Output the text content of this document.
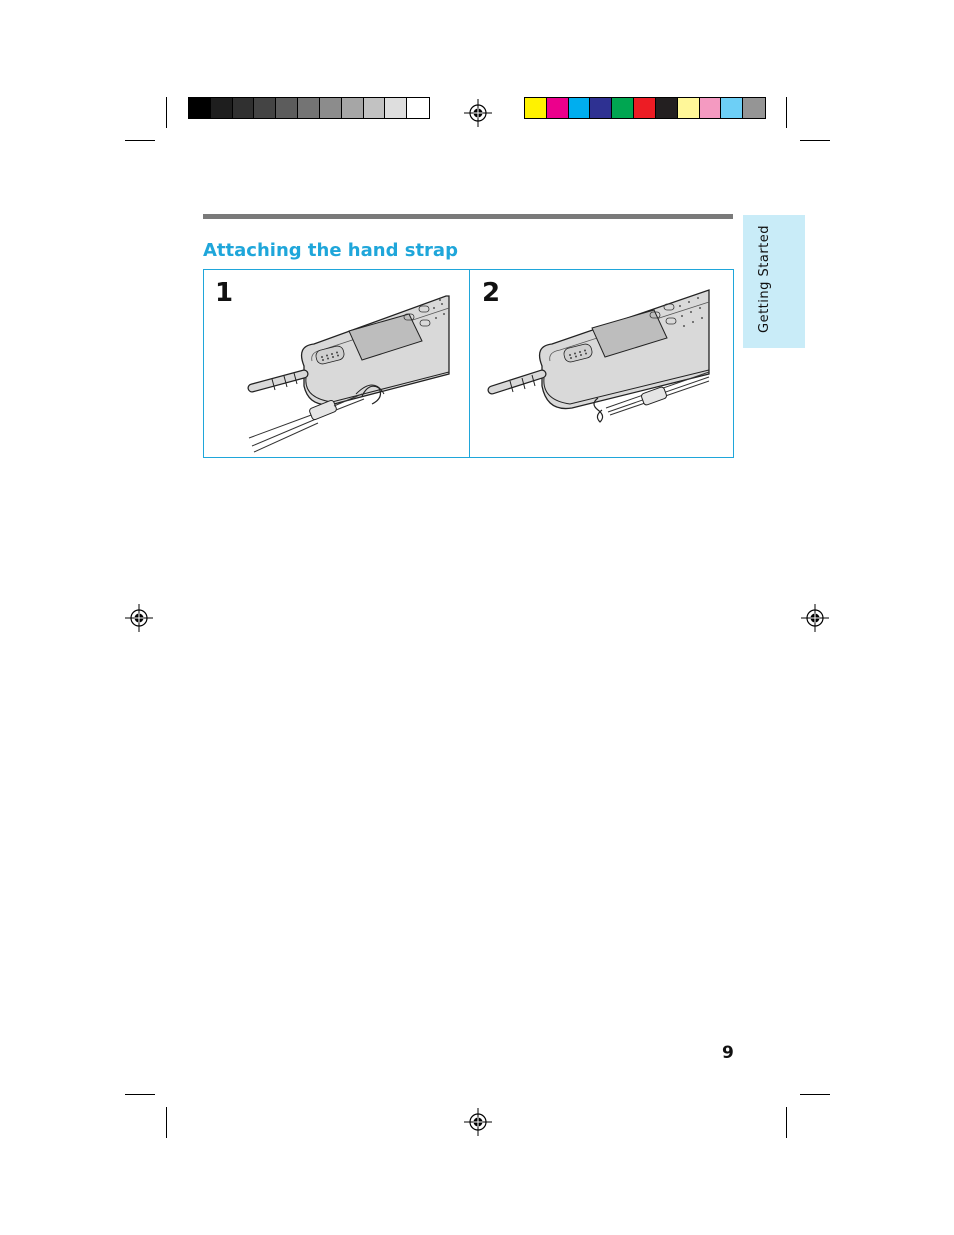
Attaching the hand strap	Getting Started
1	2
9
